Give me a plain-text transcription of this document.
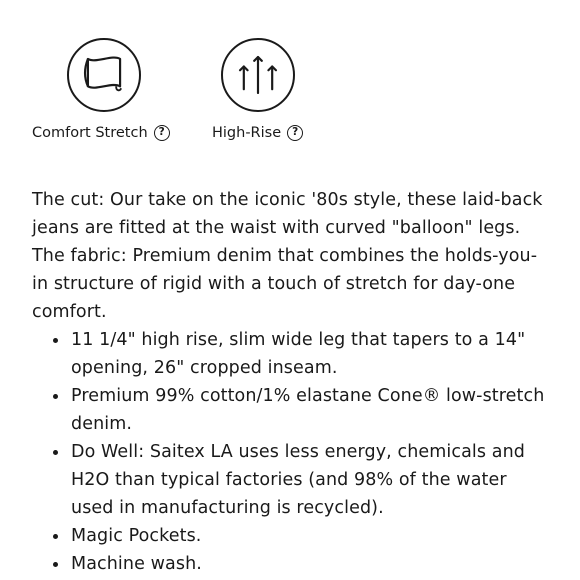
Comfort Stretch	?	High-Rise	?

The cut: Our take on the iconic '80s style, these laid-back jeans are fitted at the waist with curved "balloon" legs.

The fabric: Premium denim that combines the holds-you-in structure of rigid with a touch of stretch for day-one comfort.

11 1/4" high rise, slim wide leg that tapers to a 14" opening, 26" cropped inseam.
Premium 99% cotton/1% elastane Cone® low-stretch denim.
Do Well: Saitex LA uses less energy, chemicals and H2O than typical factories (and 98% of the water used in manufacturing is recycled).
Magic Pockets.
Machine wash.
